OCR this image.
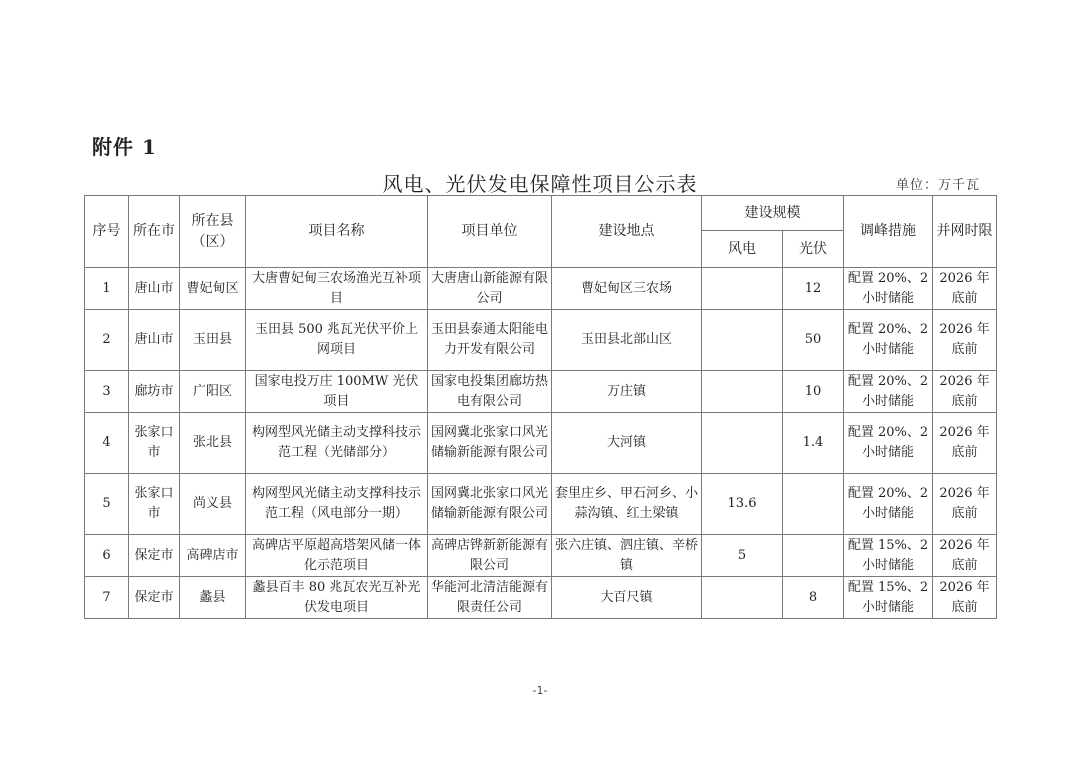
附件 1
风电、光伏发电保障性项目公示表	单位：万千瓦
序号	所在市	所在县（区）	项目名称	项目单位	建设地点	建设规模		调峰措施	并网时限
						风电	光伏		
1	唐山市	曹妃甸区	大唐曹妃甸三农场渔光互补项目	大唐唐山新能源有限公司	曹妃甸区三农场		12	配置 20%、2 小时储能	2026 年底前
2	唐山市	玉田县	玉田县 500 兆瓦光伏平价上网项目	玉田县泰通太阳能电力开发有限公司	玉田县北部山区		50	配置 20%、2 小时储能	2026 年底前
3	廊坊市	广阳区	国家电投万庄 100MW 光伏项目	国家电投集团廊坊热电有限公司	万庄镇		10	配置 20%、2 小时储能	2026 年底前
4	张家口市	张北县	构网型风光储主动支撑科技示范工程（光储部分）	国网冀北张家口风光储输新能源有限公司	大河镇		1.4	配置 20%、2 小时储能	2026 年底前
5	张家口市	尚义县	构网型风光储主动支撑科技示范工程（风电部分一期）	国网冀北张家口风光储输新能源有限公司	套里庄乡、甲石河乡、小蒜沟镇、红土梁镇	13.6		配置 20%、2 小时储能	2026 年底前
6	保定市	高碑店市	高碑店平原超高塔架风储一体化示范项目	高碑店铧新新能源有限公司	张六庄镇、泗庄镇、辛桥镇	5		配置 15%、2 小时储能	2026 年底前
7	保定市	蠡县	蠡县百丰 80 兆瓦农光互补光伏发电项目	华能河北清洁能源有限责任公司	大百尺镇		8	配置 15%、2 小时储能	2026 年底前
-1-
